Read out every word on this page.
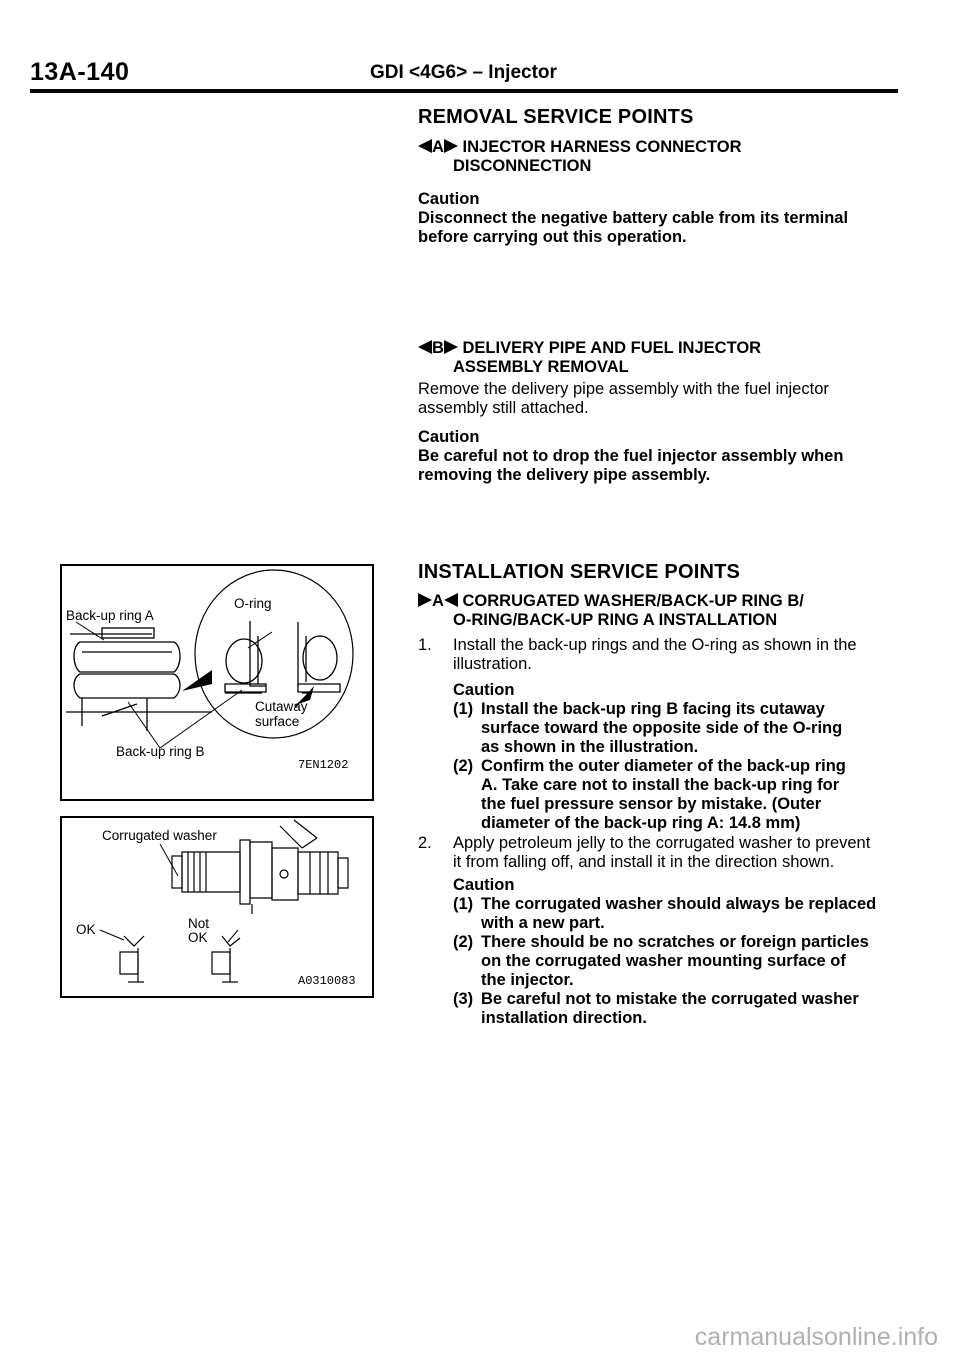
13A-140	GDI <4G6> – Injector
REMOVAL SERVICE POINTS
A INJECTOR HARNESS CONNECTOR
DISCONNECTION
Caution
Disconnect the negative battery cable from its terminal
before carrying out this operation.
B DELIVERY PIPE AND FUEL INJECTOR
ASSEMBLY REMOVAL
Remove the delivery pipe assembly with the fuel injector
assembly still attached.
Caution
Be careful not to drop the fuel injector assembly when
removing the delivery pipe assembly.
INSTALLATION SERVICE POINTS
A CORRUGATED WASHER/BACK-UP RING B/
O-RING/BACK-UP RING A INSTALLATION
1. Install the back-up rings and the O-ring as shown in the
illustration.
Caution
(1) Install the back-up ring B facing its cutaway
surface toward the opposite side of the O-ring
as shown in the illustration.
(2) Confirm the outer diameter of the back-up ring
A. Take care not to install the back-up ring for
the fuel pressure sensor by mistake. (Outer
diameter of the back-up ring A: 14.8 mm)
2. Apply petroleum jelly to the corrugated washer to prevent
it from falling off, and install it in the direction shown.
Caution
(1) The corrugated washer should always be replaced
with a new part.
(2) There should be no scratches or foreign particles
on the corrugated washer mounting surface of
the injector.
(3) Be careful not to mistake the corrugated washer
installation direction.
Back-up ring A
O-ring
Cutaway
surface
Back-up ring B
7EN1202
Corrugated washer
OK	Not
OK
A0310083
carmanualsonline.info
